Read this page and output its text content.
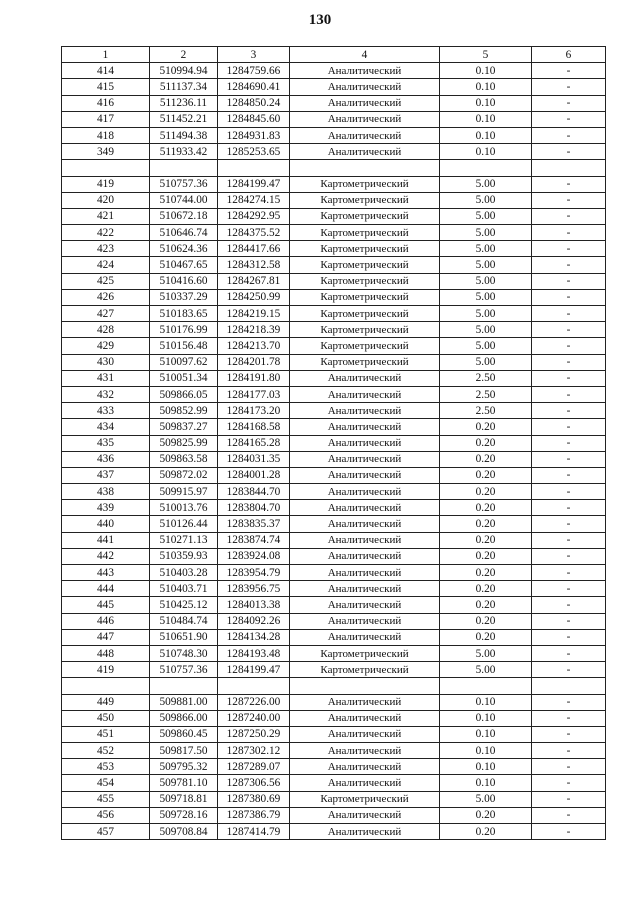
130
1	2	3	4	5	6
414	510994.94	1284759.66	Аналитический	0.10	-
415	511137.34	1284690.41	Аналитический	0.10	-
416	511236.11	1284850.24	Аналитический	0.10	-
417	511452.21	1284845.60	Аналитический	0.10	-
418	511494.38	1284931.83	Аналитический	0.10	-
349	511933.42	1285253.65	Аналитический	0.10	-

419	510757.36	1284199.47	Картометрический	5.00	-
420	510744.00	1284274.15	Картометрический	5.00	-
421	510672.18	1284292.95	Картометрический	5.00	-
422	510646.74	1284375.52	Картометрический	5.00	-
423	510624.36	1284417.66	Картометрический	5.00	-
424	510467.65	1284312.58	Картометрический	5.00	-
425	510416.60	1284267.81	Картометрический	5.00	-
426	510337.29	1284250.99	Картометрический	5.00	-
427	510183.65	1284219.15	Картометрический	5.00	-
428	510176.99	1284218.39	Картометрический	5.00	-
429	510156.48	1284213.70	Картометрический	5.00	-
430	510097.62	1284201.78	Картометрический	5.00	-
431	510051.34	1284191.80	Аналитический	2.50	-
432	509866.05	1284177.03	Аналитический	2.50	-
433	509852.99	1284173.20	Аналитический	2.50	-
434	509837.27	1284168.58	Аналитический	0.20	-
435	509825.99	1284165.28	Аналитический	0.20	-
436	509863.58	1284031.35	Аналитический	0.20	-
437	509872.02	1284001.28	Аналитический	0.20	-
438	509915.97	1283844.70	Аналитический	0.20	-
439	510013.76	1283804.70	Аналитический	0.20	-
440	510126.44	1283835.37	Аналитический	0.20	-
441	510271.13	1283874.74	Аналитический	0.20	-
442	510359.93	1283924.08	Аналитический	0.20	-
443	510403.28	1283954.79	Аналитический	0.20	-
444	510403.71	1283956.75	Аналитический	0.20	-
445	510425.12	1284013.38	Аналитический	0.20	-
446	510484.74	1284092.26	Аналитический	0.20	-
447	510651.90	1284134.28	Аналитический	0.20	-
448	510748.30	1284193.48	Картометрический	5.00	-
419	510757.36	1284199.47	Картометрический	5.00	-

449	509881.00	1287226.00	Аналитический	0.10	-
450	509866.00	1287240.00	Аналитический	0.10	-
451	509860.45	1287250.29	Аналитический	0.10	-
452	509817.50	1287302.12	Аналитический	0.10	-
453	509795.32	1287289.07	Аналитический	0.10	-
454	509781.10	1287306.56	Аналитический	0.10	-
455	509718.81	1287380.69	Картометрический	5.00	-
456	509728.16	1287386.79	Аналитический	0.20	-
457	509708.84	1287414.79	Аналитический	0.20	-
